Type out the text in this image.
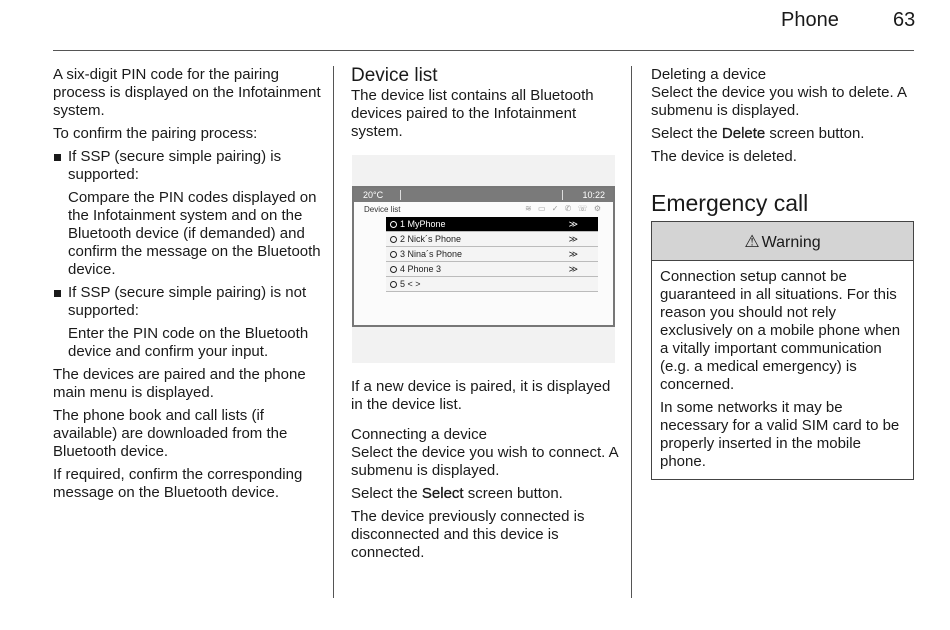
Phone	63

A six-digit PIN code for the pairing process is displayed on the Infotainment system.

To confirm the pairing process:

If SSP (secure simple pairing) is supported:

Compare the PIN codes displayed on the Infotainment system and on the Bluetooth device (if demanded) and confirm the message on the Bluetooth device.

If SSP (secure simple pairing) is not supported:

Enter the PIN code on the Bluetooth device and confirm your input.

The devices are paired and the phone main menu is displayed.

The phone book and call lists (if available) are downloaded from the Bluetooth device.

If required, confirm the corresponding message on the Bluetooth device.

Device list

The device list contains all Bluetooth devices paired to the Infotainment system.

20°C	10:22
Device list	≋ ▭ ✓ ✆ ☏ ⚙
1 MyPhone	≫
2 Nick´s Phone	≫
3 Nina´s Phone	≫
4 Phone 3	≫
5 < >

If a new device is paired, it is displayed in the device list.

Connecting a device

Select the device you wish to connect. A submenu is displayed.

Select the Select screen button.

The device previously connected is disconnected and this device is connected.

Deleting a device

Select the device you wish to delete. A submenu is displayed.

Select the Delete screen button.

The device is deleted.

Emergency call
⚠ Warning

Connection setup cannot be guaranteed in all situations. For this reason you should not rely exclusively on a mobile phone when a vitally important communication (e.g. a medical emergency) is concerned.

In some networks it may be necessary for a valid SIM card to be properly inserted in the mobile phone.
